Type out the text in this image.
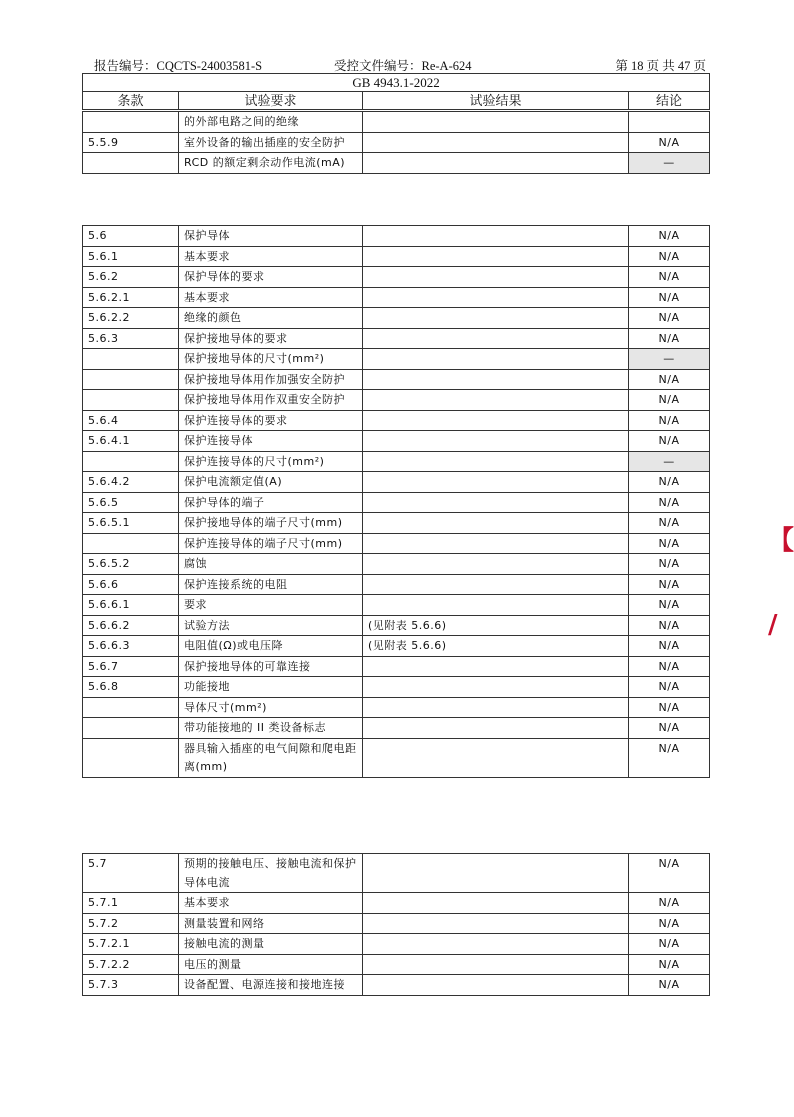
报告编号：CQCTS-24003581-S	受控文件编号：Re-A-624	第 18 页 共 47 页
GB 4943.1-2022
条款	试验要求	试验结果	结论
	的外部电路之间的绝缘		
5.5.9	室外设备的输出插座的安全防护		N/A
	RCD 的额定剩余动作电流(mA)		—
5.6	保护导体		N/A
5.6.1	基本要求		N/A
5.6.2	保护导体的要求		N/A
5.6.2.1	基本要求		N/A
5.6.2.2	绝缘的颜色		N/A
5.6.3	保护接地导体的要求		N/A
	保护接地导体的尺寸(mm²)		—
	保护接地导体用作加强安全防护		N/A
	保护接地导体用作双重安全防护		N/A
5.6.4	保护连接导体的要求		N/A
5.6.4.1	保护连接导体		N/A
	保护连接导体的尺寸(mm²)		—
5.6.4.2	保护电流额定值(A)		N/A
5.6.5	保护导体的端子		N/A
5.6.5.1	保护接地导体的端子尺寸(mm)		N/A
	保护连接导体的端子尺寸(mm)		N/A
5.6.5.2	腐蚀		N/A
5.6.6	保护连接系统的电阻		N/A
5.6.6.1	要求		N/A
5.6.6.2	试验方法	(见附表 5.6.6)	N/A
5.6.6.3	电阻值(Ω)或电压降	(见附表 5.6.6)	N/A
5.6.7	保护接地导体的可靠连接		N/A
5.6.8	功能接地		N/A
	导体尺寸(mm²)		N/A
	带功能接地的 II 类设备标志		N/A
	器具输入插座的电气间隙和爬电距离(mm)		N/A
5.7	预期的接触电压、接触电流和保护导体电流		N/A
5.7.1	基本要求		N/A
5.7.2	测量装置和网络		N/A
5.7.2.1	接触电流的测量		N/A
5.7.2.2	电压的测量		N/A
5.7.3	设备配置、电源连接和接地连接		N/A
【
/
